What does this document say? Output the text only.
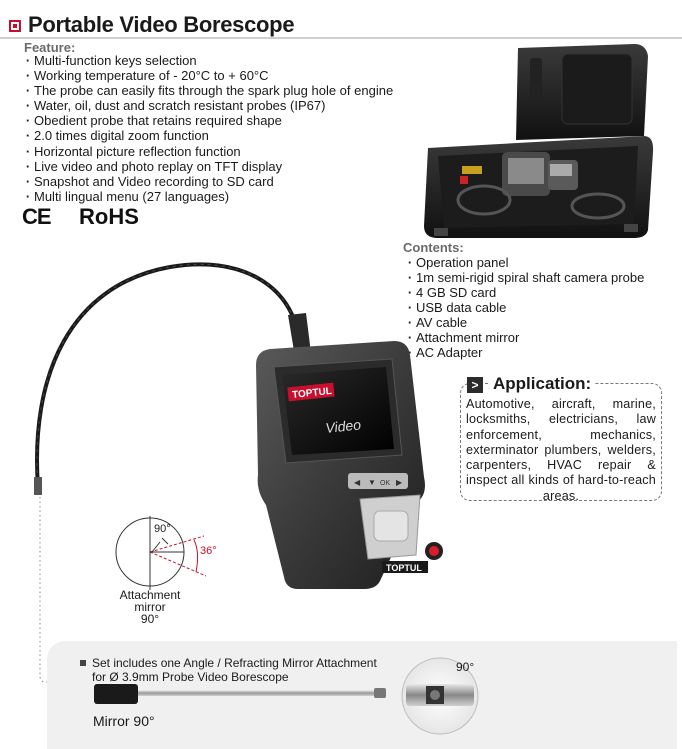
Portable Video Borescope
Feature:
· Multi-function keys selection
· Working temperature of - 20°C to + 60°C
· The probe can easily fits through the spark plug hole of engine
· Water, oil, dust and scratch resistant probes (IP67)
· Obedient probe that retains required shape
· 2.0 times digital zoom function
· Horizontal picture reflection function
· Live video and photo replay on TFT display
· Snapshot and Video recording to SD card
· Multi lingual menu (27 languages)
CE RoHS
Contents:
· Operation panel
· 1m semi-rigid spiral shaft camera probe
· 4 GB SD card
· USB data cable
· AV cable
· Attachment mirror
· AC Adapter
> Application:
Automotive, aircraft, marine, locksmiths, electricians, law enforcement, mechanics, exterminator plumbers, welders, carpenters, HVAC repair & inspect all kinds of hard-to-reach areas.
TOPTUL
Video
◀ ▼ OK ▶
TOPTUL
90°
36°
Attachment
mirror
90°
Set includes one Angle / Refracting Mirror Attachment
for Ø 3.9mm Probe Video Borescope
Mirror 90°
90°
